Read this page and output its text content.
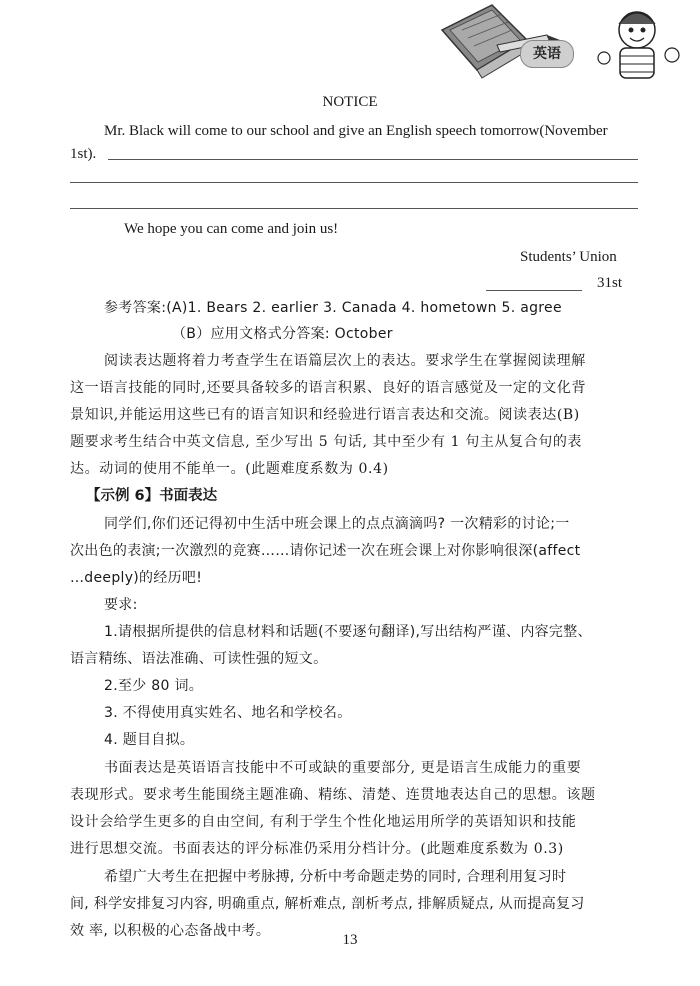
英语
NOTICE
Mr. Black will come to our school and give an English speech tomorrow(November
1st).
We hope you can come and join us!
Students’ Union
31st
参考答案:(A)1. Bears 2. earlier 3. Canada 4. hometown 5. agree
（B）应用文格式分答案: October
阅读表达题将着力考查学生在语篇层次上的表达。要求学生在掌握阅读理解
这一语言技能的同时,还要具备较多的语言积累、良好的语言感觉及一定的文化背
景知识,并能运用这些已有的语言知识和经验进行语言表达和交流。阅读表达(B)
题要求考生结合中英文信息, 至少写出 5 句话, 其中至少有 1 句主从复合句的表
达。动词的使用不能单一。(此题难度系数为 0.4)
【示例 6】书面表达
同学们,你们还记得初中生活中班会课上的点点滴滴吗? 一次精彩的讨论;一
次出色的表演;一次激烈的竞赛……请你记述一次在班会课上对你影响很深(affect
…deeply)的经历吧!
要求:
1.请根据所提供的信息材料和话题(不要逐句翻译),写出结构严谨、内容完整、
语言精练、语法准确、可读性强的短文。
2.至少 80 词。
3. 不得使用真实姓名、地名和学校名。
4. 题目自拟。
书面表达是英语语言技能中不可或缺的重要部分, 更是语言生成能力的重要
表现形式。要求考生能围绕主题准确、精练、清楚、连贯地表达自己的思想。该题
设计会给学生更多的自由空间, 有利于学生个性化地运用所学的英语知识和技能
进行思想交流。书面表达的评分标准仍采用分档计分。(此题难度系数为 0.3)
希望广大考生在把握中考脉搏, 分析中考命题走势的同时, 合理利用复习时
间, 科学安排复习内容, 明确重点, 解析难点, 剖析考点, 排解质疑点, 从而提高复习
效 率, 以积极的心态备战中考。
13
